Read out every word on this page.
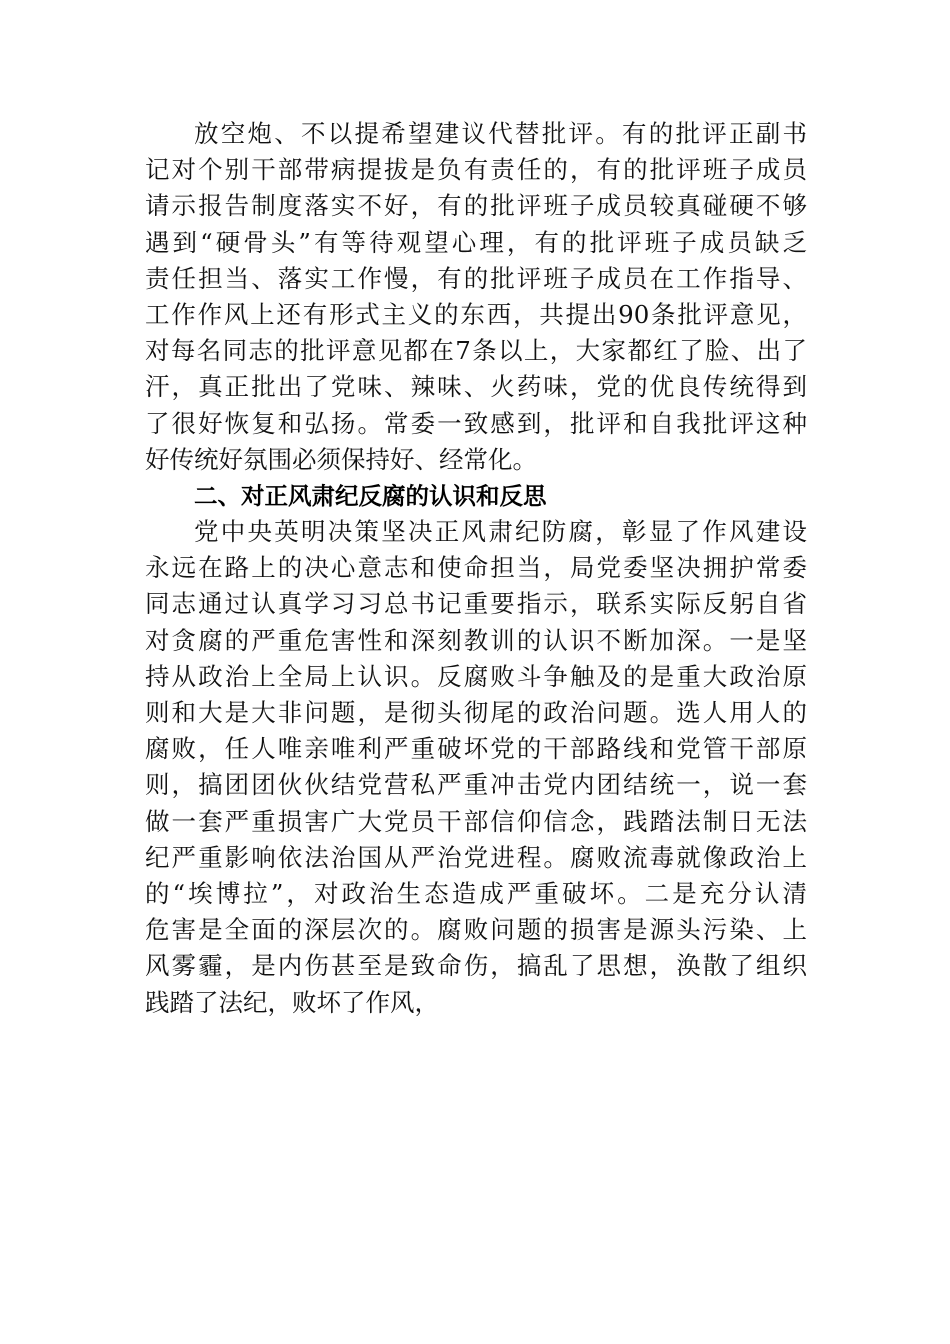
放空炮、不以提希望建议代替批评。有的批评正副书
记对个别干部带病提拔是负有责任的，有的批评班子成员
请示报告制度落实不好，有的批评班子成员较真碰硬不够
遇到“硬骨头”有等待观望心理，有的批评班子成员缺乏
责任担当、落实工作慢，有的批评班子成员在工作指导、
工作作风上还有形式主义的东西，共提出90条批评意见，
对每名同志的批评意见都在7条以上，大家都红了脸、出了
汗，真正批出了党味、辣味、火药味，党的优良传统得到
了很好恢复和弘扬。常委一致感到，批评和自我批评这种
好传统好氛围必须保持好、经常化。
二、对正风肃纪反腐的认识和反思
党中央英明决策坚决正风肃纪防腐，彰显了作风建设
永远在路上的决心意志和使命担当，局党委坚决拥护常委
同志通过认真学习习总书记重要指示，联系实际反躬自省
对贪腐的严重危害性和深刻教训的认识不断加深。一是坚
持从政治上全局上认识。反腐败斗争触及的是重大政治原
则和大是大非问题，是彻头彻尾的政治问题。选人用人的
腐败，任人唯亲唯利严重破坏党的干部路线和党管干部原
则，搞团团伙伙结党营私严重冲击党内团结统一，说一套
做一套严重损害广大党员干部信仰信念，践踏法制日无法
纪严重影响依法治国从严治党进程。腐败流毒就像政治上
的“埃博拉”，对政治生态造成严重破坏。二是充分认清
危害是全面的深层次的。腐败问题的损害是源头污染、上
风雾霾，是内伤甚至是致命伤，搞乱了思想，涣散了组织
践踏了法纪，败坏了作风，
